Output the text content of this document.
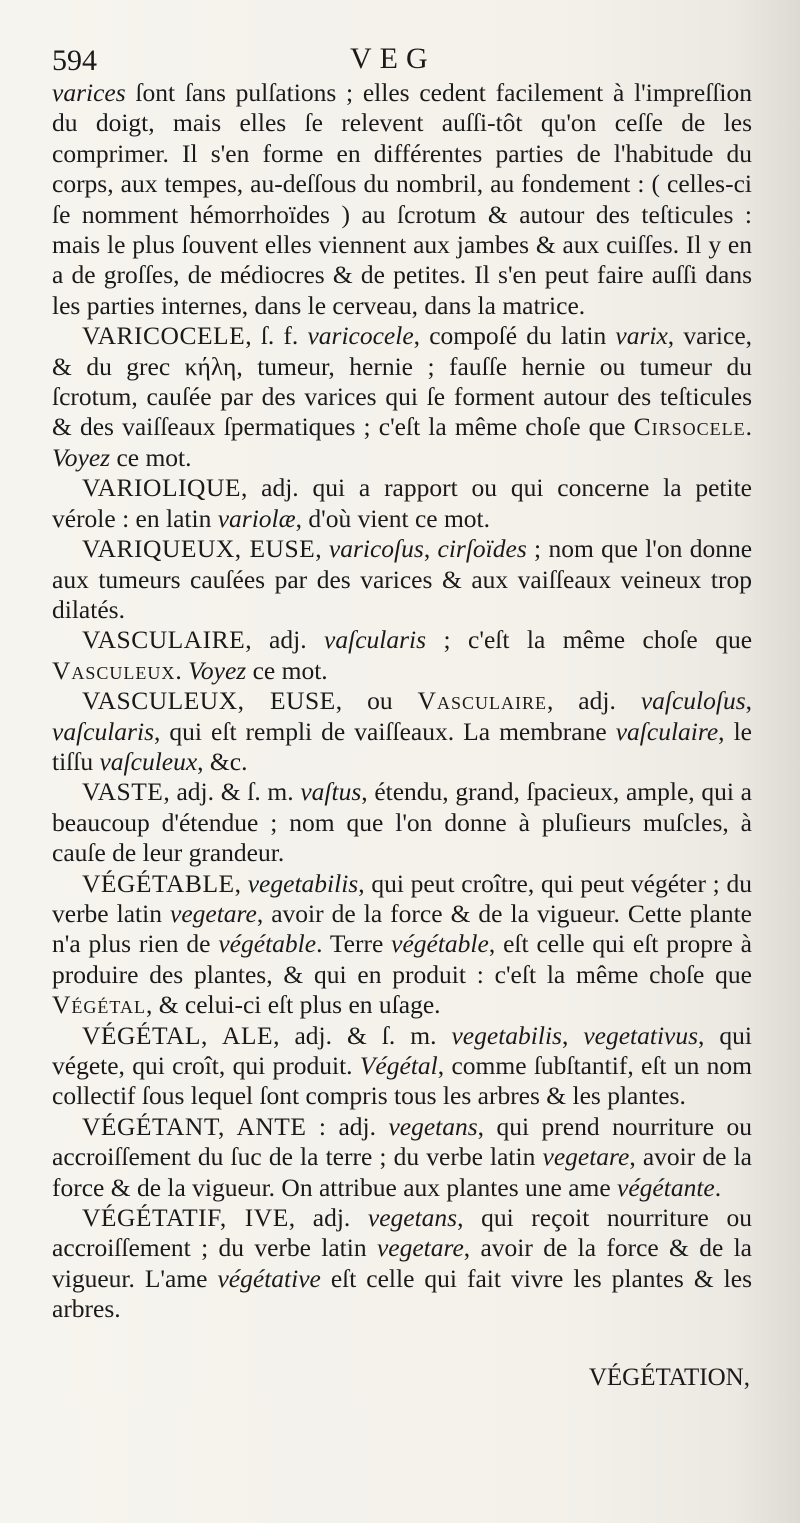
594	VEG

varices ſont ſans pulſations ; elles cedent facilement à l'impreſſion du doigt, mais elles ſe relevent auſſi-tôt qu'on ceſſe de les comprimer. Il s'en forme en différentes parties de l'habitude du corps, aux tempes, au-deſſous du nombril, au fondement : ( celles-ci ſe nomment hémorrhoïdes ) au ſcrotum & autour des teſticules : mais le plus ſouvent elles viennent aux jambes & aux cuiſſes. Il y en a de groſſes, de médiocres & de petites. Il s'en peut faire auſſi dans les parties internes, dans le cerveau, dans la matrice.

VARICOCELE, ſ. f. varicocele, compoſé du latin varix, varice, & du grec κήλη, tumeur, hernie ; fauſſe hernie ou tumeur du ſcrotum, cauſée par des varices qui ſe forment autour des teſticules & des vaiſſeaux ſpermatiques ; c'eſt la même choſe que Cirsocele. Voyez ce mot.

VARIOLIQUE, adj. qui a rapport ou qui concerne la petite vérole : en latin variolæ, d'où vient ce mot.

VARIQUEUX, EUSE, varicoſus, cirſoïdes ; nom que l'on donne aux tumeurs cauſées par des varices & aux vaiſſeaux veineux trop dilatés.

VASCULAIRE, adj. vaſcularis ; c'eſt la même choſe que Vasculeux. Voyez ce mot.

VASCULEUX, EUSE, ou Vasculaire, adj. vaſculoſus, vaſcularis, qui eſt rempli de vaiſſeaux. La membrane vaſculaire, le tiſſu vaſculeux, &c.

VASTE, adj. & ſ. m. vaſtus, étendu, grand, ſpacieux, ample, qui a beaucoup d'étendue ; nom que l'on donne à pluſieurs muſcles, à cauſe de leur grandeur.

VÉGÉTABLE, vegetabilis, qui peut croître, qui peut végéter ; du verbe latin vegetare, avoir de la force & de la vigueur. Cette plante n'a plus rien de végétable. Terre végétable, eſt celle qui eſt propre à produire des plantes, & qui en produit : c'eſt la même choſe que Végétal, & celui-ci eſt plus en uſage.

VÉGÉTAL, ALE, adj. & ſ. m. vegetabilis, vegetativus, qui végete, qui croît, qui produit. Végétal, comme ſubſtantif, eſt un nom collectif ſous lequel ſont compris tous les arbres & les plantes.

VÉGÉTANT, ANTE : adj. vegetans, qui prend nourriture ou accroiſſement du ſuc de la terre ; du verbe latin vegetare, avoir de la force & de la vigueur. On attribue aux plantes une ame végétante.

VÉGÉTATIF, IVE, adj. vegetans, qui reçoit nourriture ou accroiſſement ; du verbe latin vegetare, avoir de la force & de la vigueur. L'ame végétative eſt celle qui fait vivre les plantes & les arbres.

VÉGÉTATION,
